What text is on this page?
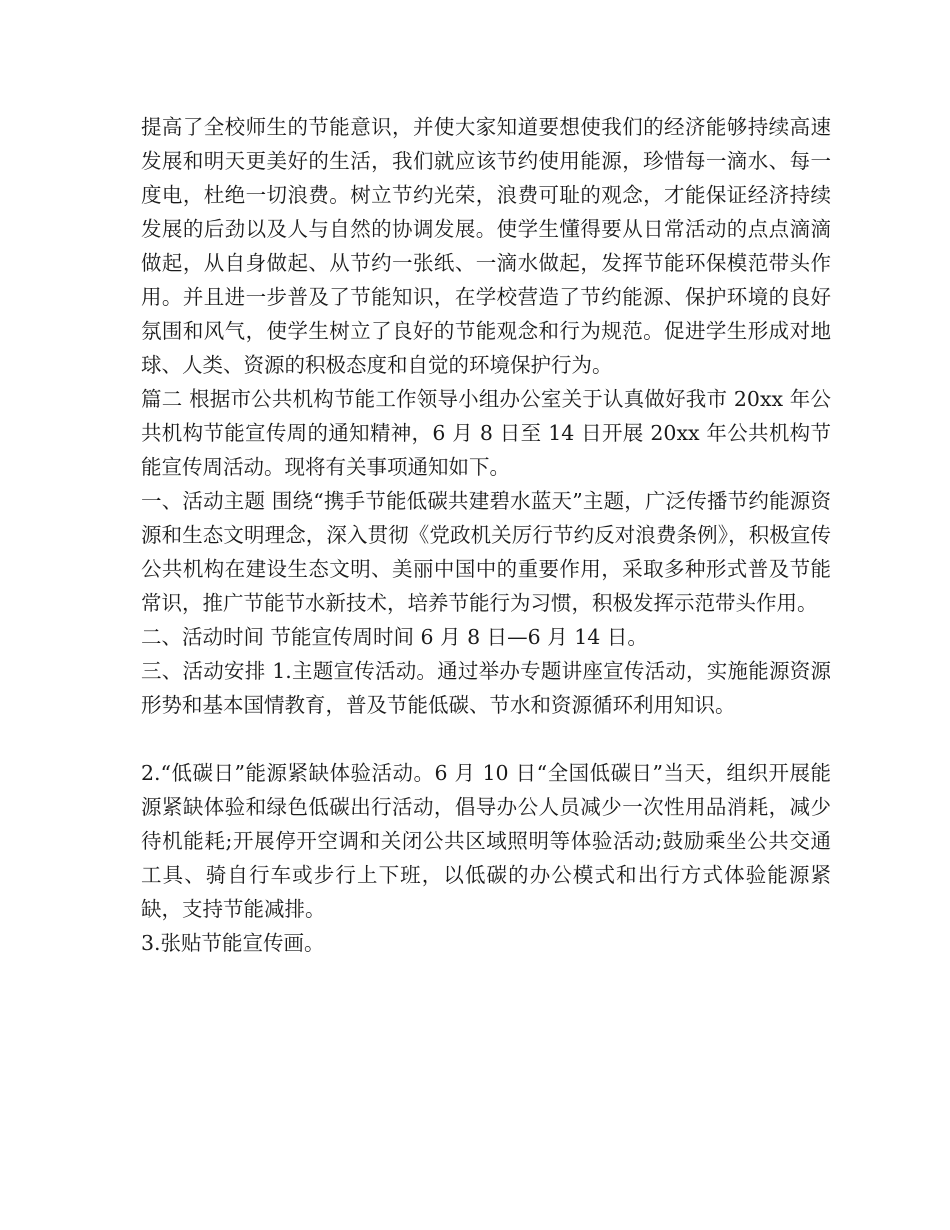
提高了全校师生的节能意识，并使大家知道要想使我们的经济能够持续高速发展和明天更美好的生活，我们就应该节约使用能源，珍惜每一滴水、每一度电，杜绝一切浪费。树立节约光荣，浪费可耻的观念，才能保证经济持续发展的后劲以及人与自然的协调发展。使学生懂得要从日常活动的点点滴滴做起，从自身做起、从节约一张纸、一滴水做起，发挥节能环保模范带头作用。并且进一步普及了节能知识，在学校营造了节约能源、保护环境的良好氛围和风气，使学生树立了良好的节能观念和行为规范。促进学生形成对地球、人类、资源的积极态度和自觉的环境保护行为。

篇二 根据市公共机构节能工作领导小组办公室关于认真做好我市 20xx 年公共机构节能宣传周的通知精神，6 月 8 日至 14 日开展 20xx 年公共机构节能宣传周活动。现将有关事项通知如下。

一、活动主题 围绕“携手节能低碳共建碧水蓝天”主题，广泛传播节约能源资源和生态文明理念，深入贯彻《党政机关厉行节约反对浪费条例》，积极宣传公共机构在建设生态文明、美丽中国中的重要作用，采取多种形式普及节能常识，推广节能节水新技术，培养节能行为习惯，积极发挥示范带头作用。

二、活动时间 节能宣传周时间 6 月 8 日—6 月 14 日。

三、活动安排 1.主题宣传活动。通过举办专题讲座宣传活动，实施能源资源形势和基本国情教育，普及节能低碳、节水和资源循环利用知识。

2.“低碳日”能源紧缺体验活动。6 月 10 日“全国低碳日”当天，组织开展能源紧缺体验和绿色低碳出行活动，倡导办公人员减少一次性用品消耗，减少待机能耗;开展停开空调和关闭公共区域照明等体验活动;鼓励乘坐公共交通工具、骑自行车或步行上下班，以低碳的办公模式和出行方式体验能源紧缺，支持节能减排。

3.张贴节能宣传画。
